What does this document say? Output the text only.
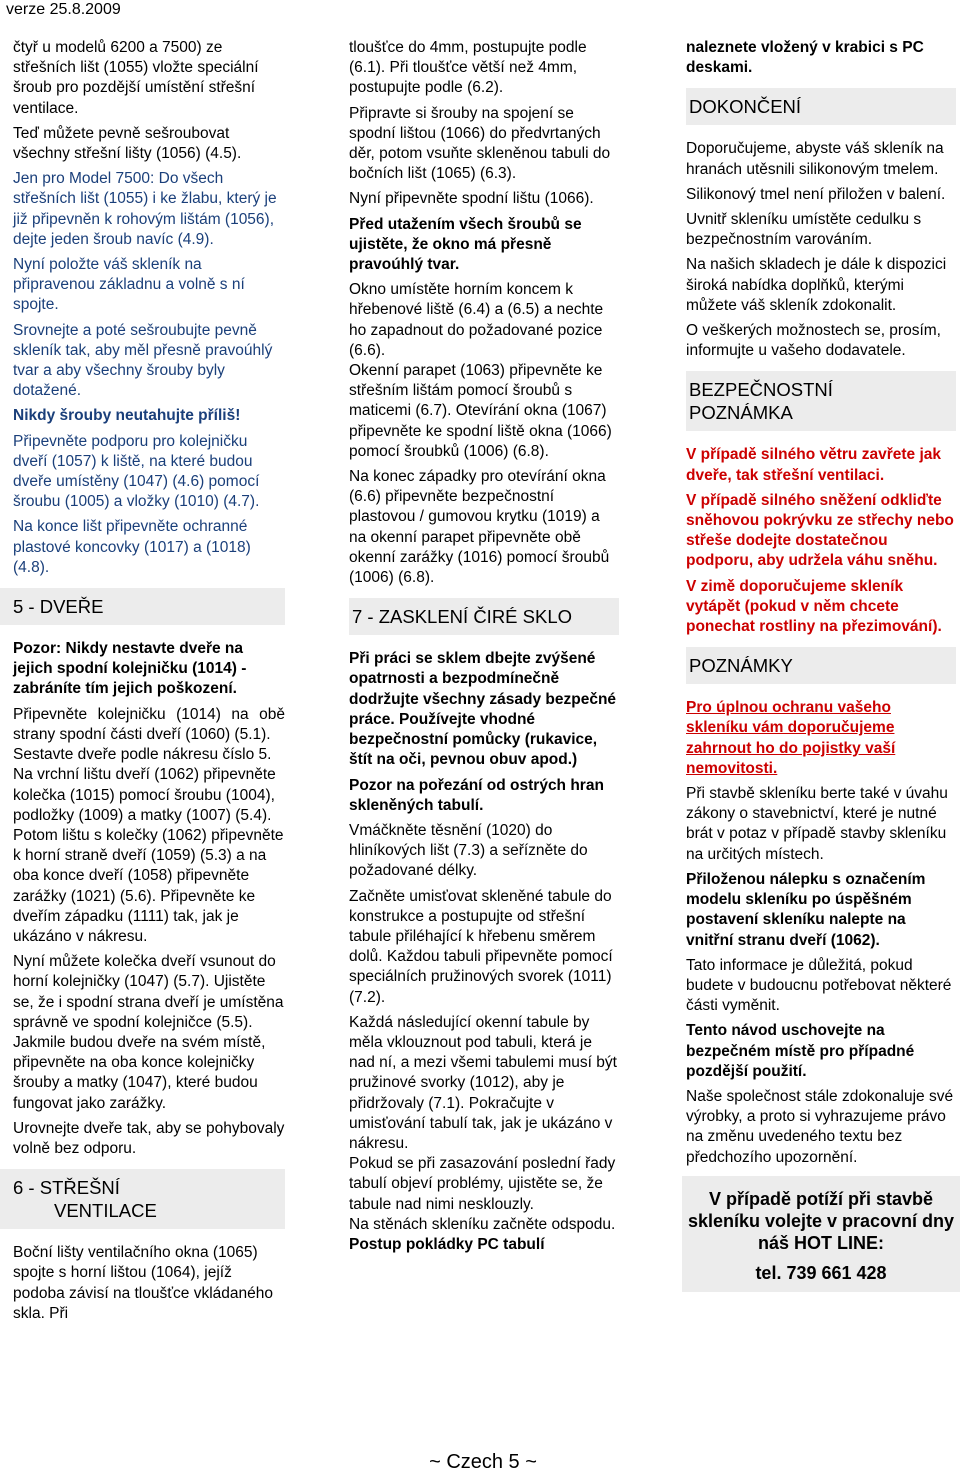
verze 25.8.2009

čtyř u modelů 6200 a 7500) ze střešních lišt (1055) vložte speciální šroub pro pozdější umístění střešní ventilace.

Teď můžete pevně sešroubovat všechny střešní lišty (1056) (4.5).

Jen pro Model 7500: Do všech střešních lišt (1055) i ke žlabu, který je již připevněn k rohovým lištám (1056), dejte jeden šroub navíc (4.9).

Nyní položte váš skleník na připravenou základnu a volně s ní spojte.

Srovnejte a poté sešroubujte pevně skleník tak, aby měl přesně pravoúhlý tvar a aby všechny šrouby byly dotažené.

Nikdy šrouby neutahujte příliš!

Připevněte podporu pro kolejničku dveří (1057) k liště, na které budou dveře umístěny (1047) (4.6) pomocí šroubu (1005) a vložky (1010) (4.7).

Na konce lišt připevněte ochranné plastové koncovky (1017) a (1018) (4.8).

5 - DVEŘE

Pozor: Nikdy nestavte dveře na jejich spodní kolejničku (1014) - zabráníte tím jejich poškození.

Připevněte kolejničku (1014) na obě strany spodní části dveří (1060) (5.1).

Sestavte dveře podle nákresu číslo 5. Na vrchní lištu dveří (1062) připevněte kolečka (1015) pomocí šroubu (1004), podložky (1009) a matky (1007) (5.4).

Potom lištu s kolečky (1062) připevněte k horní straně dveří (1059) (5.3) a na oba konce dveří (1058) připevněte zarážky (1021) (5.6). Připevněte ke dveřím západku (1111) tak, jak je ukázáno v nákresu.

Nyní můžete kolečka dveří vsunout do horní kolejničky (1047) (5.7). Ujistěte se, že i spodní strana dveří je umístěna správně ve spodní kolejničce (5.5). Jakmile budou dveře na svém místě, připevněte na oba konce kolejničky šrouby a matky (1047), které budou fungovat jako zarážky.

Urovnejte dveře tak, aby se pohybovaly volně bez odporu.

6 - STŘEŠNÍ
VENTILACE

Boční lišty ventilačního okna (1065) spojte s horní lištou (1064), jejíž podoba závisí na tloušťce vkládaného skla. Při

tloušťce do 4mm, postupujte podle (6.1). Při tloušťce větší než 4mm, postupujte podle (6.2).

Připravte si šrouby na spojení se spodní lištou (1066) do předvrtaných děr, potom vsuňte skleněnou tabuli do bočních lišt (1065) (6.3).

Nyní připevněte spodní lištu (1066).

Před utažením všech šroubů se ujistěte, že okno má přesně pravoúhlý tvar.

Okno umístěte horním koncem k hřebenové liště (6.4) a (6.5) a nechte ho zapadnout do požadované pozice (6.6).

Okenní parapet (1063) připevněte ke střešním lištám pomocí šroubů s maticemi (6.7). Otevírání okna (1067) připevněte ke spodní liště okna (1066) pomocí šroubků (1006) (6.8).

Na konec západky pro otevírání okna (6.6) připevněte bezpečnostní plastovou / gumovou krytku (1019) a na okenní parapet připevněte obě okenní zarážky (1016) pomocí šroubů (1006) (6.8).

7 - ZASKLENÍ ČIRÉ SKLO

Při práci se sklem dbejte zvýšené opatrnosti a bezpodmínečně dodržujte všechny zásady bezpečné práce. Používejte vhodné bezpečnostní pomůcky (rukavice, štít na oči, pevnou obuv apod.)

Pozor na pořezání od ostrých hran skleněných tabulí.

Vmáčkněte těsnění (1020) do hliníkových lišt (7.3) a seřízněte do požadované délky.

Začněte umisťovat skleněné tabule do konstrukce a postupujte od střešní tabule přiléhající k hřebenu směrem dolů. Každou tabuli připevněte pomocí speciálních pružinových svorek (1011) (7.2).

Každá následující okenní tabule by měla vklouznout pod tabuli, která je nad ní, a mezi všemi tabulemi musí být pružinové svorky (1012), aby je přidržovaly (7.1). Pokračujte v umisťování tabulí tak, jak je ukázáno v nákresu.

Pokud se při zasazování poslední řady tabulí objeví problémy, ujistěte se, že tabule nad nimi nesklouzly.

Na stěnách skleníku začněte odspodu.

Postup pokládky PC tabulí

naleznete vložený v krabici s PC deskami.

DOKONČENÍ

Doporučujeme, abyste váš skleník na hranách utěsnili silikonovým tmelem.

Silikonový tmel není přiložen v balení.

Uvnitř skleníku umístěte cedulku s bezpečnostním varováním.

Na našich skladech je dále k dispozici široká nabídka doplňků, kterými můžete váš skleník zdokonalit.

O veškerých možnostech se, prosím, informujte u vašeho dodavatele.

BEZPEČNOSTNÍ
POZNÁMKA

V případě silného větru zavřete jak dveře, tak střešní ventilaci.

V případě silného sněžení odkliďte sněhovou pokrývku ze střechy nebo střeše dodejte dostatečnou podporu, aby udržela váhu sněhu.

V zimě doporučujeme skleník vytápět (pokud v něm chcete ponechat rostliny na přezimování).

POZNÁMKY

Pro úplnou ochranu vašeho skleníku vám doporučujeme zahrnout ho do pojistky vaší nemovitosti.

Při stavbě skleníku berte také v úvahu zákony o stavebnictví, které je nutné brát v potaz v případě stavby skleníku na určitých místech.

Přiloženou nálepku s označením modelu skleníku po úspěšném postavení skleníku nalepte na vnitřní stranu dveří (1062).

Tato informace je důležitá, pokud budete v budoucnu potřebovat některé části vyměnit.

Tento návod uschovejte na bezpečném místě pro případné pozdější použití.

Naše společnost stále zdokonaluje své výrobky, a proto si vyhrazujeme právo na změnu uvedeného textu bez předchozího upozornění.

V případě potíží při stavbě skleníku volejte v pracovní dny náš HOT LINE:
tel. 739 661 428
~ Czech 5 ~
